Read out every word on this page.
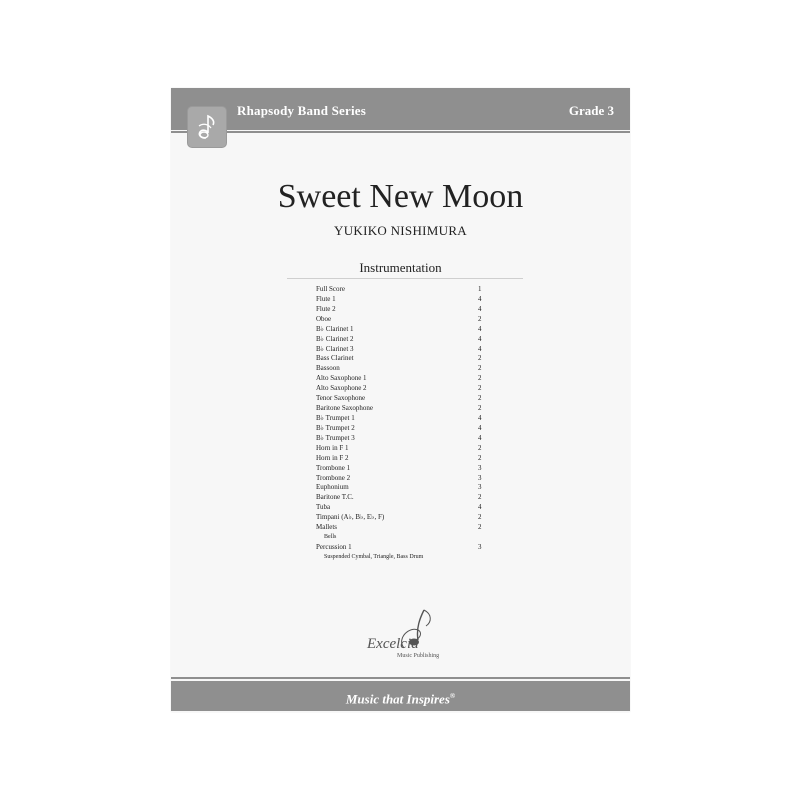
Rhapsody Band Series	Grade 3
Sweet New Moon
YUKIKO NISHIMURA
Instrumentation
Full Score	1
Flute 1	4
Flute 2	4
Oboe	2
B♭ Clarinet 1	4
B♭ Clarinet 2	4
B♭ Clarinet 3	4
Bass Clarinet	2
Bassoon	2
Alto Saxophone 1	2
Alto Saxophone 2	2
Tenor Saxophone	2
Baritone Saxophone	2
B♭ Trumpet 1	4
B♭ Trumpet 2	4
B♭ Trumpet 3	4
Horn in F 1	2
Horn in F 2	2
Trombone 1	3
Trombone 2	3
Euphonium	3
Baritone T.C.	2
Tuba	4
Timpani (A♭, B♭, E♭, F)	2
Mallets	2
Bells
Percussion 1	3
Suspended Cymbal, Triangle, Bass Drum
Excelcia
Music Publishing
Music that Inspires®
